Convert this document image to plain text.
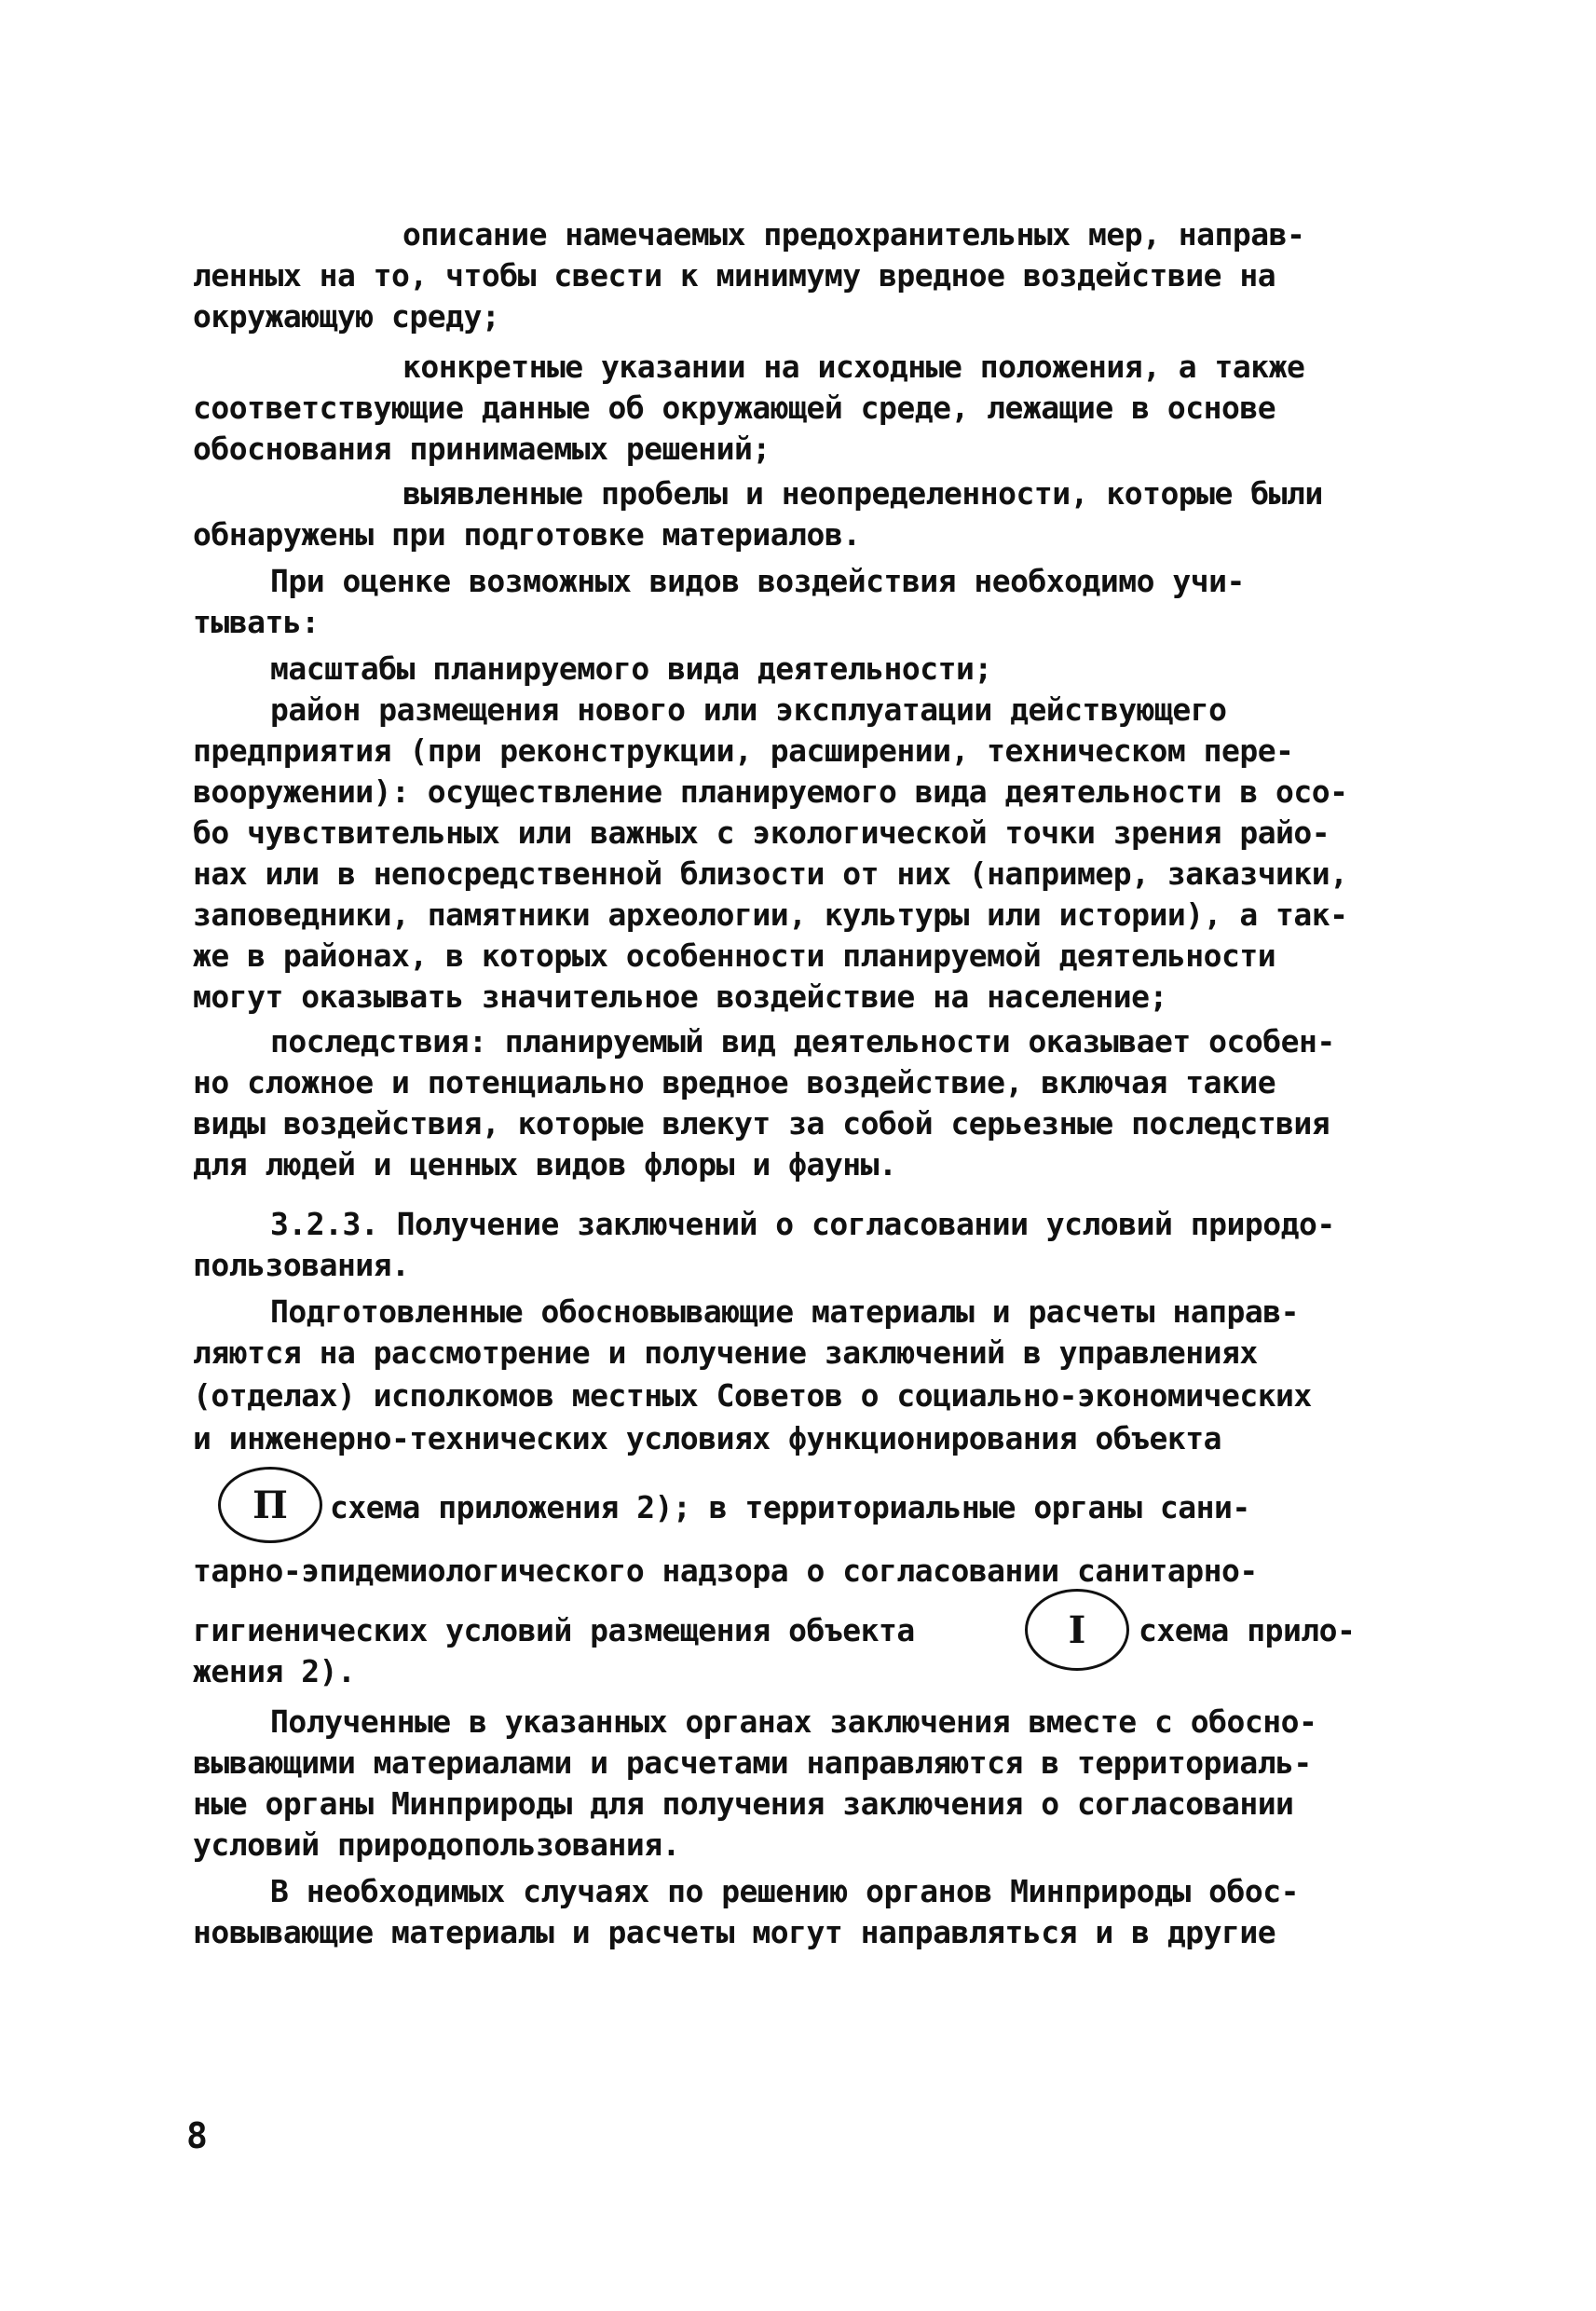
описание намечаемых предохранительных мер, направ-
ленных на то, чтобы свести к минимуму вредное воздействие на
окружающую среду;
конкретные указании на исходные положения, а также
соответствующие данные об окружающей среде, лежащие в основе
обоснования принимаемых решений;
выявленные пробелы и неопределенности, которые были
обнаружены при подготовке материалов.
При оценке возможных видов воздействия необходимо учи-
тывать:
масштабы планируемого вида деятельности;
район размещения нового или эксплуатации действующего
предприятия (при реконструкции, расширении, техническом пере-
вооружении): осуществление планируемого вида деятельности в осо-
бо чувствительных или важных с экологической точки зрения райо-
нах или в непосредственной близости от них (например, заказчики,
заповедники, памятники археологии, культуры или истории), а так-
же в районах, в которых особенности планируемой деятельности
могут оказывать значительное воздействие на население;
последствия: планируемый вид деятельности оказывает особен-
но сложное и потенциально вредное воздействие, включая такие
виды воздействия, которые влекут за собой серьезные последствия
для людей и ценных видов флоры и фауны.
3.2.3. Получение заключений о согласовании условий природо-
пользования.
Подготовленные обосновывающие материалы и расчеты направ-
ляются на рассмотрение и получение заключений в управлениях
(отделах) исполкомов местных Советов о социально-экономических
и инженерно-технических условиях функционирования объекта
П	схема приложения 2); в территориальные органы сани-
тарно-эпидемиологического надзора о согласовании санитарно-
гигиенических условий размещения объекта	I	схема прило-
жения 2).
Полученные в указанных органах заключения вместе с обосно-
вывающими материалами и расчетами направляются в территориаль-
ные органы Минприроды для получения заключения о согласовании
условий природопользования.
В необходимых случаях по решению органов Минприроды обос-
новывающие материалы и расчеты могут направляться и в другие
8
